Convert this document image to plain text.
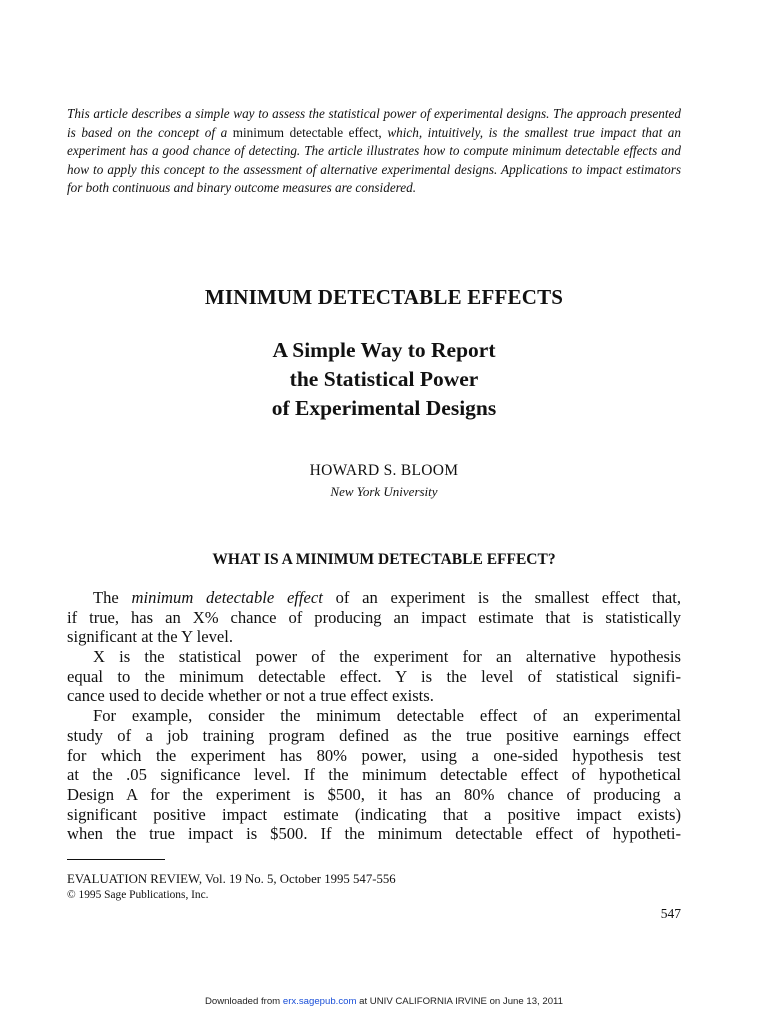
This article describes a simple way to assess the statistical power of experimental designs. The approach presented is based on the concept of a minimum detectable effect, which, intuitively, is the smallest true impact that an experiment has a good chance of detecting. The article illustrates how to compute minimum detectable effects and how to apply this concept to the assessment of alternative experimental designs. Applications to impact estimators for both continuous and binary outcome measures are considered.
MINIMUM DETECTABLE EFFECTS
A Simple Way to Report
the Statistical Power
of Experimental Designs
HOWARD S. BLOOM
New York University
WHAT IS A MINIMUM DETECTABLE EFFECT?
The minimum detectable effect of an experiment is the smallest effect that,
if true, has an X% chance of producing an impact estimate that is statistically
significant at the Y level.
X is the statistical power of the experiment for an alternative hypothesis
equal to the minimum detectable effect. Y is the level of statistical signifi-
cance used to decide whether or not a true effect exists.
For example, consider the minimum detectable effect of an experimental
study of a job training program defined as the true positive earnings effect
for which the experiment has 80% power, using a one-sided hypothesis test
at the .05 significance level. If the minimum detectable effect of hypothetical
Design A for the experiment is $500, it has an 80% chance of producing a
significant positive impact estimate (indicating that a positive impact exists)
when the true impact is $500. If the minimum detectable effect of hypotheti-
EVALUATION REVIEW, Vol. 19 No. 5, October 1995 547-556
© 1995 Sage Publications, Inc.
547
Downloaded from erx.sagepub.com at UNIV CALIFORNIA IRVINE on June 13, 2011
